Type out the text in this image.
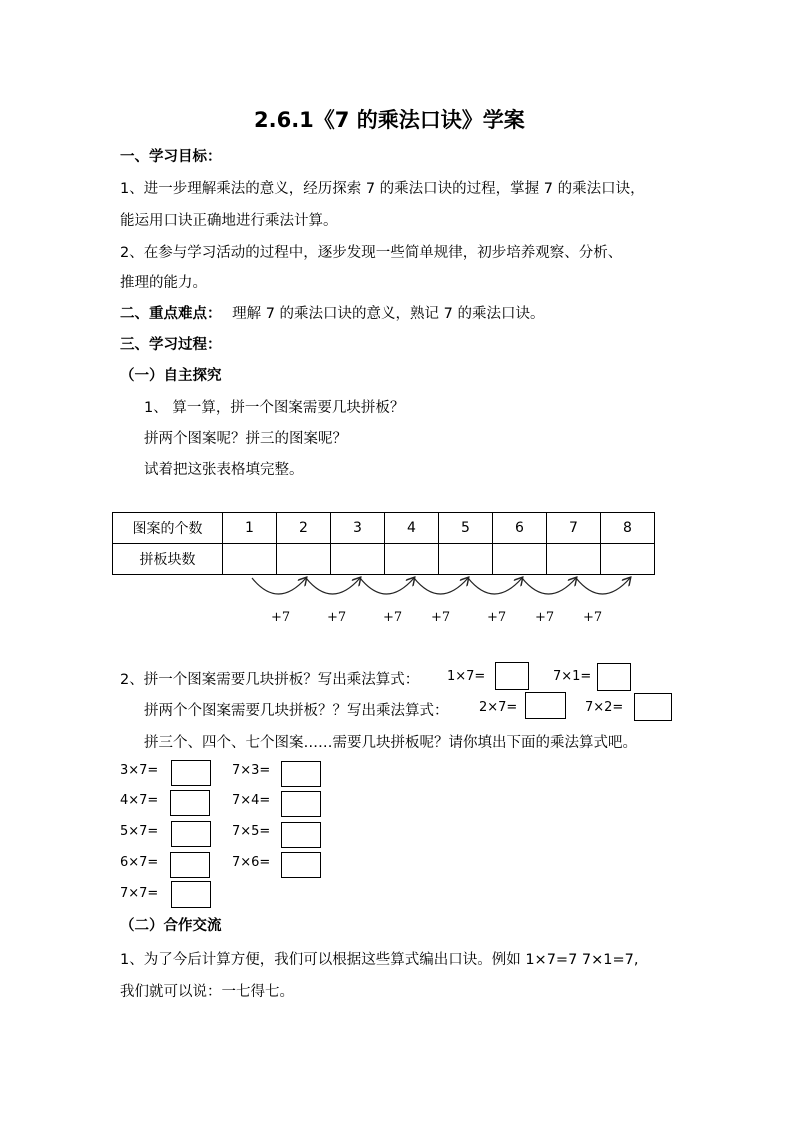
2.6.1《7 的乘法口诀》学案
一、学习目标：
1、进一步理解乘法的意义，经历探索 7 的乘法口诀的过程，掌握 7 的乘法口诀，
能运用口诀正确地进行乘法计算。
2、在参与学习活动的过程中，逐步发现一些简单规律，初步培养观察、分析、
推理的能力。
二、重点难点： 理解 7 的乘法口诀的意义，熟记 7 的乘法口诀。
三、学习过程：
（一）自主探究
1、 算一算，拼一个图案需要几块拼板？
拼两个图案呢？拼三的图案呢？
试着把这张表格填完整。
图案的个数	1	2	3	4	5	6	7	8
拼板块数								
+7	+7	+7 +7	+7 +7 +7
2、拼一个图案需要几块拼板？写出乘法算式： 1×7=	7×1=
拼两个个图案需要几块拼板？？写出乘法算式： 2×7=	7×2=
拼三个、四个、七个图案……需要几块拼板呢？请你填出下面的乘法算式吧。
3×7=	7×3=
4×7=	7×4=
5×7=	7×5=
6×7=	7×6=
7×7=
（二）合作交流
1、为了今后计算方便，我们可以根据这些算式编出口诀。例如 1×7=7 7×1=7,
我们就可以说：一七得七。
